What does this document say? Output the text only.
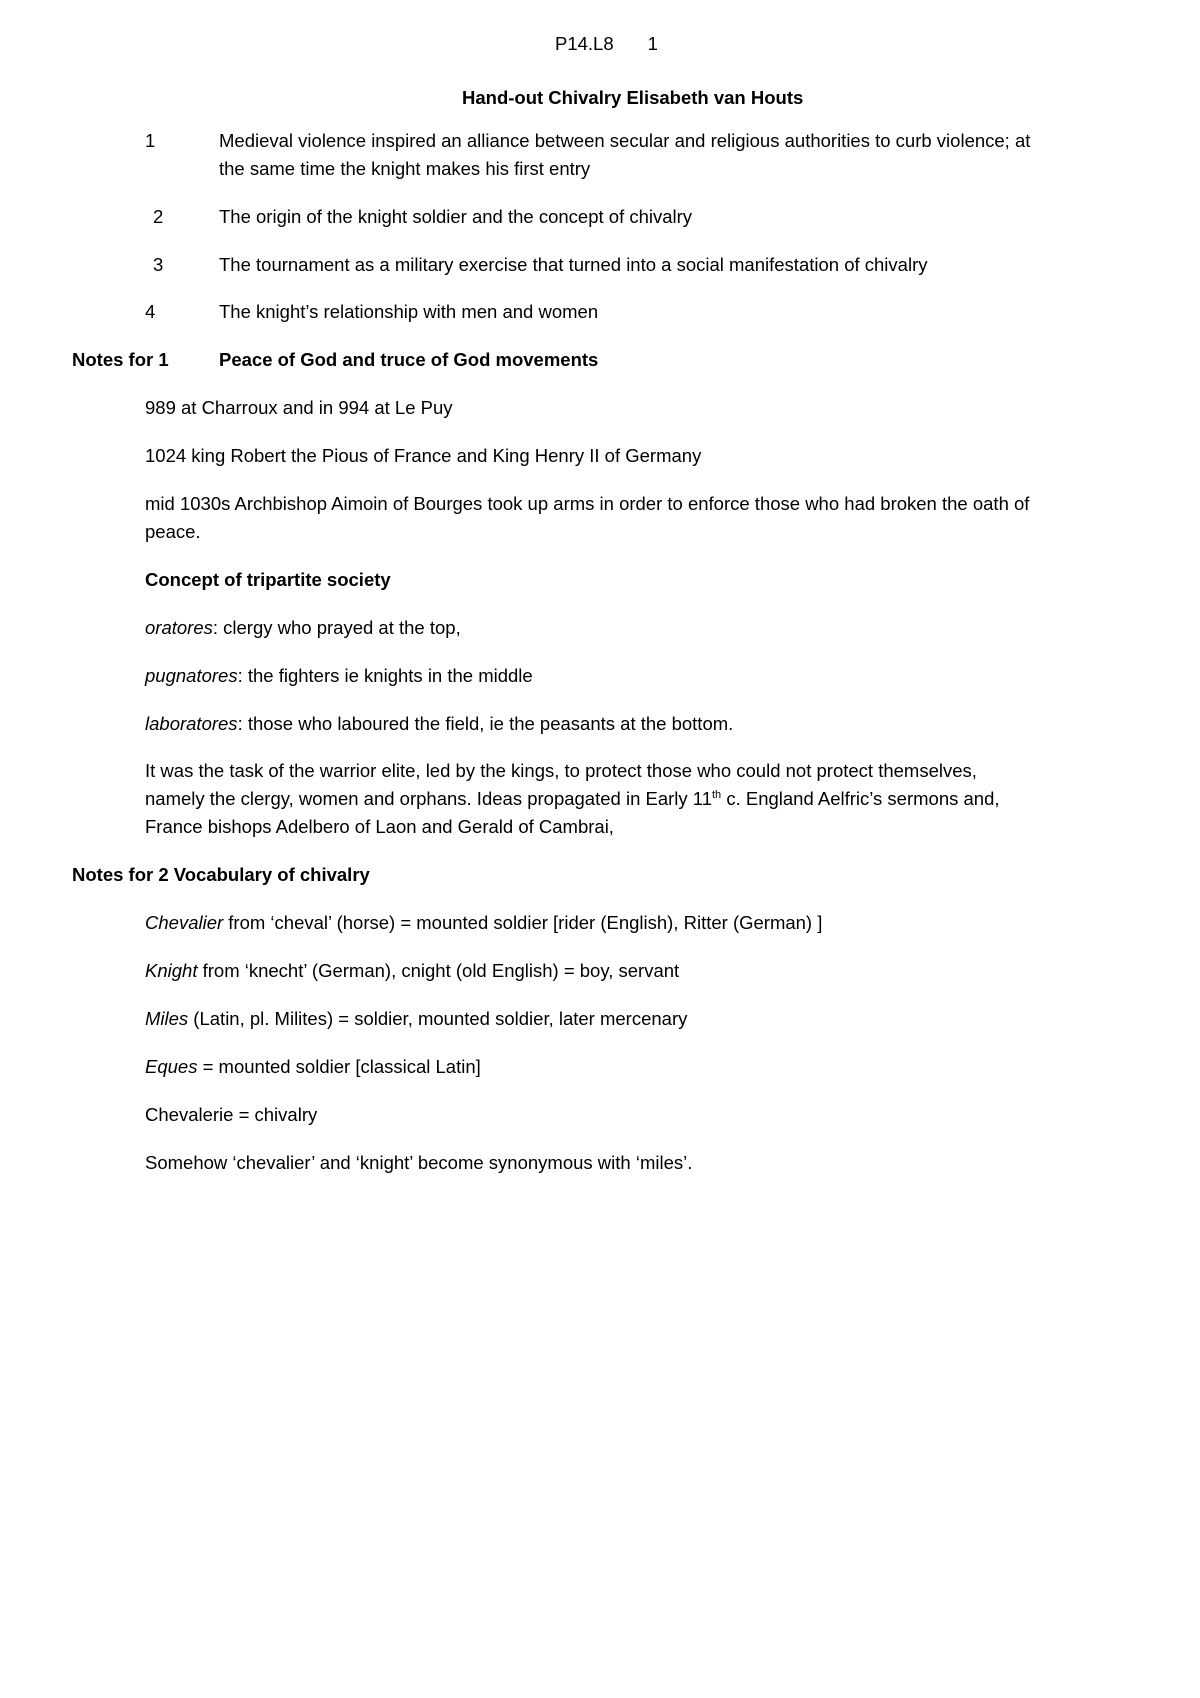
P14.L8 1
Hand-out Chivalry Elisabeth van Houts
1	Medieval violence inspired an alliance between secular and religious authorities to curb violence; at
the same time the knight makes his first entry
2	The origin of the knight soldier and the concept of chivalry
3	The tournament as a military exercise that turned into a social manifestation of chivalry
4	The knight’s relationship with men and women
Notes for 1	Peace of God and truce of God movements
989 at Charroux and in 994 at Le Puy
1024 king Robert the Pious of France and King Henry II of Germany
mid 1030s Archbishop Aimoin of Bourges took up arms in order to enforce those who had broken the oath of
peace.
Concept of tripartite society
oratores: clergy who prayed at the top,
pugnatores: the fighters ie knights in the middle
laboratores: those who laboured the field, ie the peasants at the bottom.
It was the task of the warrior elite, led by the kings, to protect those who could not protect themselves,
namely the clergy, women and orphans. Ideas propagated in Early 11th c. England Aelfric’s sermons and,
France bishops Adelbero of Laon and Gerald of Cambrai,
Notes for 2 Vocabulary of chivalry
Chevalier from ‘cheval’ (horse) = mounted soldier [rider (English), Ritter (German) ]
Knight from ‘knecht’ (German), cnight (old English) = boy, servant
Miles (Latin, pl. Milites) = soldier, mounted soldier, later mercenary
Eques = mounted soldier [classical Latin]
Chevalerie = chivalry
Somehow ‘chevalier’ and ‘knight’ become synonymous with ‘miles’.
